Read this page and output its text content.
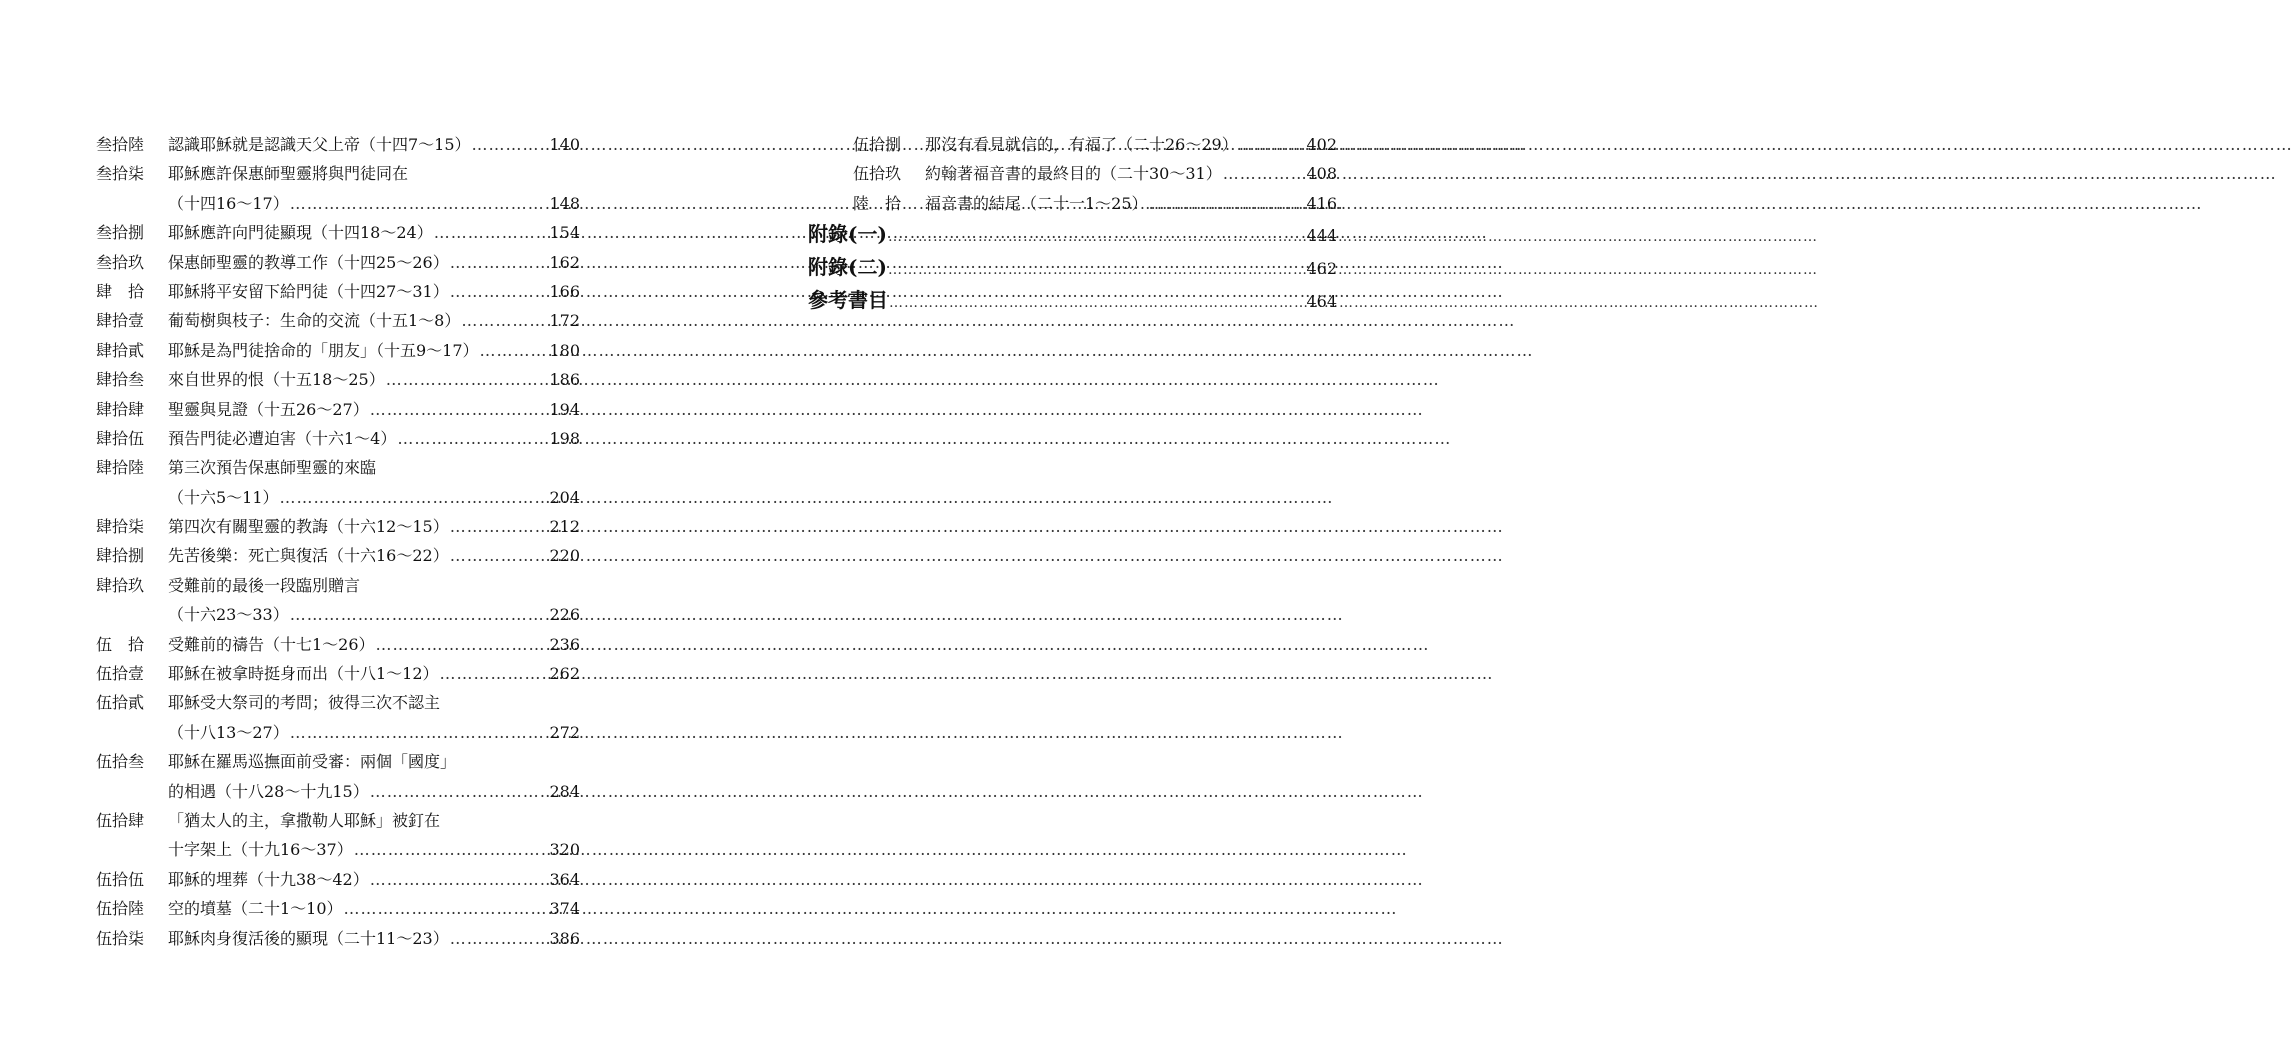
叁拾陸	認識耶穌就是認識天父上帝（十四7～15） ……………………………………………………………………………………………………………………………………………………………………	140
叁拾柒	耶穌應許保惠師聖靈將與門徒同在
（十四16～17） ……………………………………………………………………………………………………………………………………………………………………	148
叁拾捌	耶穌應許向門徒顯現（十四18～24） ……………………………………………………………………………………………………………………………………………………………………	154
叁拾玖	保惠師聖靈的教導工作（十四25～26） ……………………………………………………………………………………………………………………………………………………………………	162
肆　拾	耶穌將平安留下給門徒（十四27～31） ……………………………………………………………………………………………………………………………………………………………………	166
肆拾壹	葡萄樹與枝子：生命的交流（十五1～8） ……………………………………………………………………………………………………………………………………………………………………	172
肆拾貳	耶穌是為門徒捨命的「朋友」（十五9～17） ……………………………………………………………………………………………………………………………………………………………………	180
肆拾叁	來自世界的恨（十五18～25） ……………………………………………………………………………………………………………………………………………………………………	186
肆拾肆	聖靈與見證（十五26～27） ……………………………………………………………………………………………………………………………………………………………………	194
肆拾伍	預告門徒必遭迫害（十六1～4） ……………………………………………………………………………………………………………………………………………………………………	198
肆拾陸	第三次預告保惠師聖靈的來臨
（十六5～11） ……………………………………………………………………………………………………………………………………………………………………	204
肆拾柒	第四次有關聖靈的教誨（十六12～15） ……………………………………………………………………………………………………………………………………………………………………	212
肆拾捌	先苦後樂：死亡與復活（十六16～22） ……………………………………………………………………………………………………………………………………………………………………	220
肆拾玖	受難前的最後一段臨別贈言
（十六23～33） ……………………………………………………………………………………………………………………………………………………………………	226
伍　拾	受難前的禱告（十七1～26） ……………………………………………………………………………………………………………………………………………………………………	236
伍拾壹	耶穌在被拿時挺身而出（十八1～12） ……………………………………………………………………………………………………………………………………………………………………	262
伍拾貳	耶穌受大祭司的考問；彼得三次不認主
（十八13～27） ……………………………………………………………………………………………………………………………………………………………………	272
伍拾叁	耶穌在羅馬巡撫面前受審：兩個「國度」
的相遇（十八28～十九15） ……………………………………………………………………………………………………………………………………………………………………	284
伍拾肆	「猶太人的主，拿撒勒人耶穌」被釘在
十字架上（十九16～37） ……………………………………………………………………………………………………………………………………………………………………	320
伍拾伍	耶穌的埋葬（十九38～42） ……………………………………………………………………………………………………………………………………………………………………	364
伍拾陸	空的墳墓（二十1～10） ……………………………………………………………………………………………………………………………………………………………………	374
伍拾柒	耶穌肉身復活後的顯現（二十11～23） ……………………………………………………………………………………………………………………………………………………………………	386
伍拾捌	那沒有看見就信的，有福了（二十26～29） ……………………………………………………………………………………………………………………………………………………………………	402
伍拾玖	約翰著福音書的最終目的（二十30～31） ……………………………………………………………………………………………………………………………………………………………………	408
陸　拾	福音書的結尾（二十一1～25） ……………………………………………………………………………………………………………………………………………………………………	416
附錄(一) ……………………………………………………………………………………………………………………………………………………………………	444
附錄(二) ……………………………………………………………………………………………………………………………………………………………………	462
參考書目 ……………………………………………………………………………………………………………………………………………………………………	464
